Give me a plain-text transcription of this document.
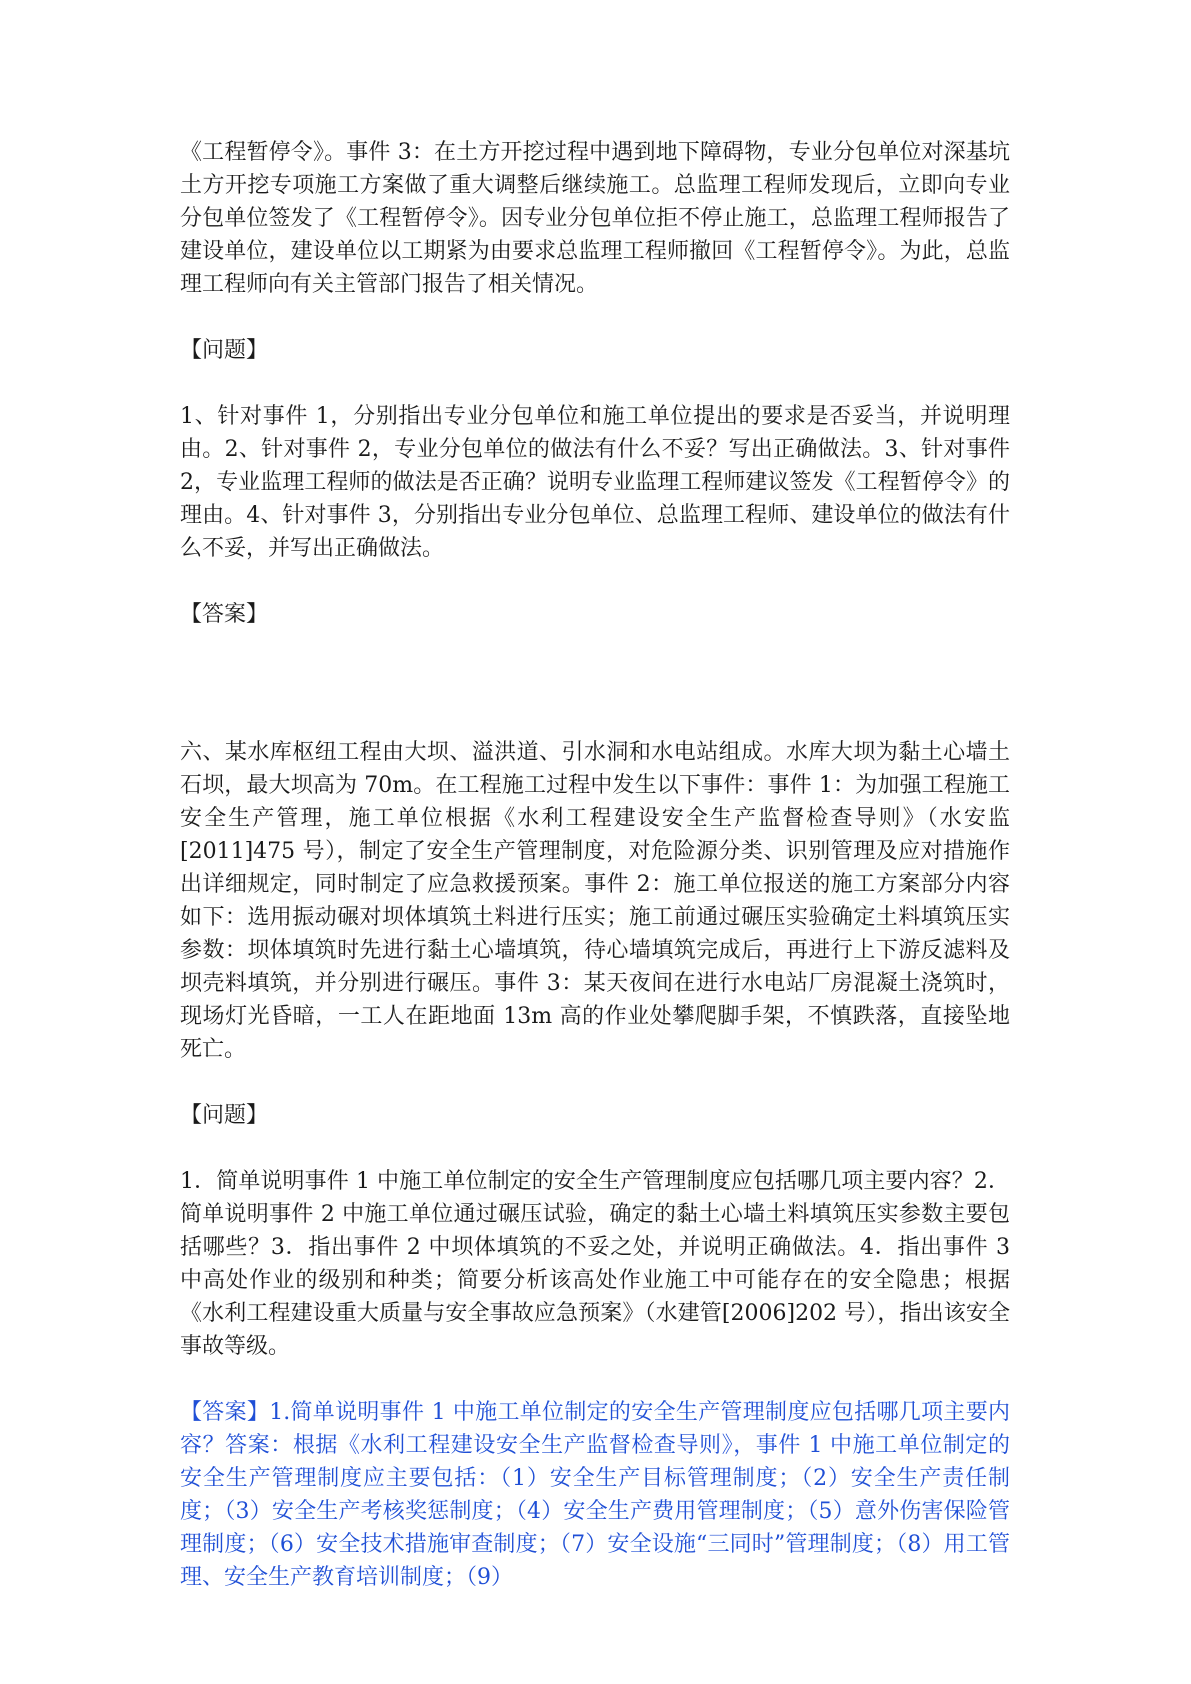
《工程暂停令》。事件 3：在土方开挖过程中遇到地下障碍物，专业分包单位对深基坑土方开挖专项施工方案做了重大调整后继续施工。总监理工程师发现后，立即向专业分包单位签发了《工程暂停令》。因专业分包单位拒不停止施工，总监理工程师报告了建设单位，建设单位以工期紧为由要求总监理工程师撤回《工程暂停令》。为此，总监理工程师向有关主管部门报告了相关情况。

【问题】

1、针对事件 1，分别指出专业分包单位和施工单位提出的要求是否妥当，并说明理由。2、针对事件 2，专业分包单位的做法有什么不妥？写出正确做法。3、针对事件 2，专业监理工程师的做法是否正确？说明专业监理工程师建议签发《工程暂停令》的理由。4、针对事件 3，分别指出专业分包单位、总监理工程师、建设单位的做法有什么不妥，并写出正确做法。

【答案】

六、某水库枢纽工程由大坝、溢洪道、引水洞和水电站组成。水库大坝为黏土心墙土石坝，最大坝高为 70m。在工程施工过程中发生以下事件：事件 1：为加强工程施工安全生产管理，施工单位根据《水利工程建设安全生产监督检查导则》（水安监[2011]475 号），制定了安全生产管理制度，对危险源分类、识别管理及应对措施作出详细规定，同时制定了应急救援预案。事件 2：施工单位报送的施工方案部分内容如下：选用振动碾对坝体填筑土料进行压实；施工前通过碾压实验确定土料填筑压实参数：坝体填筑时先进行黏土心墙填筑，待心墙填筑完成后，再进行上下游反滤料及坝壳料填筑，并分别进行碾压。事件 3：某天夜间在进行水电站厂房混凝土浇筑时，现场灯光昏暗，一工人在距地面 13m 高的作业处攀爬脚手架，不慎跌落，直接坠地死亡。

【问题】

1．简单说明事件 1 中施工单位制定的安全生产管理制度应包括哪几项主要内容？2．简单说明事件 2 中施工单位通过碾压试验，确定的黏土心墙土料填筑压实参数主要包括哪些？3．指出事件 2 中坝体填筑的不妥之处，并说明正确做法。4．指出事件 3 中高处作业的级别和种类；简要分析该高处作业施工中可能存在的安全隐患；根据《水利工程建设重大质量与安全事故应急预案》（水建管[2006]202 号），指出该安全事故等级。

【答案】1.简单说明事件 1 中施工单位制定的安全生产管理制度应包括哪几项主要内容？答案：根据《水利工程建设安全生产监督检查导则》，事件 1 中施工单位制定的安全生产管理制度应主要包括：（1）安全生产目标管理制度；（2）安全生产责任制度；（3）安全生产考核奖惩制度；（4）安全生产费用管理制度；（5）意外伤害保险管理制度；（6）安全技术措施审查制度；（7）安全设施“三同时”管理制度；（8）用工管理、安全生产教育培训制度；（9）
